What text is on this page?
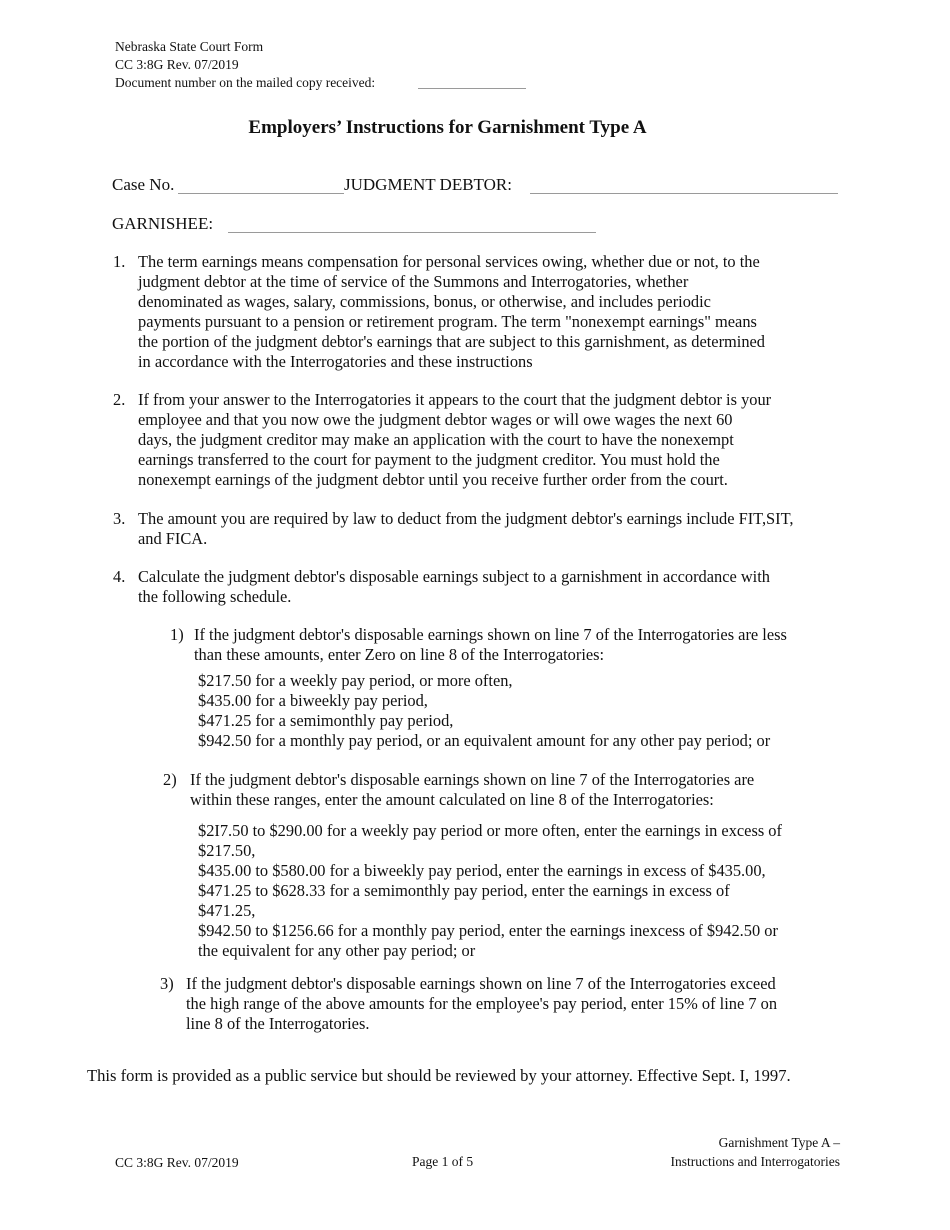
Nebraska State Court Form
CC 3:8G Rev. 07/2019
Document number on the mailed copy received:
Employers’ Instructions for Garnishment Type A
Case No.	JUDGMENT DEBTOR:
GARNISHEE:
1. The term earnings means compensation for personal services owing, whether due or not, to the
judgment debtor at the time of service of the Summons and Interrogatories, whether
denominated as wages, salary, commissions, bonus, or otherwise, and includes periodic
payments pursuant to a pension or retirement program. The term "nonexempt earnings" means
the portion of the judgment debtor's earnings that are subject to this garnishment, as determined
in accordance with the Interrogatories and these instructions
2. If from your answer to the Interrogatories it appears to the court that the judgment debtor is your
employee and that you now owe the judgment debtor wages or will owe wages the next 60
days, the judgment creditor may make an application with the court to have the nonexempt
earnings transferred to the court for payment to the judgment creditor. You must hold the
nonexempt earnings of the judgment debtor until you receive further order from the court.
3. The amount you are required by law to deduct from the judgment debtor's earnings include FIT,SIT,
and FICA.
4. Calculate the judgment debtor's disposable earnings subject to a garnishment in accordance with
the following schedule.
1) If the judgment debtor's disposable earnings shown on line 7 of the Interrogatories are less
than these amounts, enter Zero on line 8 of the Interrogatories:
$217.50 for a weekly pay period, or more often,
$435.00 for a biweekly pay period,
$471.25 for a semimonthly pay period,
$942.50 for a monthly pay period, or an equivalent amount for any other pay period; or
2) If the judgment debtor's disposable earnings shown on line 7 of the Interrogatories are
within these ranges, enter the amount calculated on line 8 of the Interrogatories:
$2I7.50 to $290.00 for a weekly pay period or more often, enter the earnings in excess of
$217.50,
$435.00 to $580.00 for a biweekly pay period, enter the earnings in excess of $435.00,
$471.25 to $628.33 for a semimonthly pay period, enter the earnings in excess of
$471.25,
$942.50 to $1256.66 for a monthly pay period, enter the earnings inexcess of $942.50 or
the equivalent for any other pay period; or
3) If the judgment debtor's disposable earnings shown on line 7 of the Interrogatories exceed
the high range of the above amounts for the employee's pay period, enter 15% of line 7 on
line 8 of the Interrogatories.
This form is provided as a public service but should be reviewed by your attorney. Effective Sept. I, 1997.
CC 3:8G Rev. 07/2019	Page 1 of 5
Garnishment Type A –
Instructions and Interrogatories
